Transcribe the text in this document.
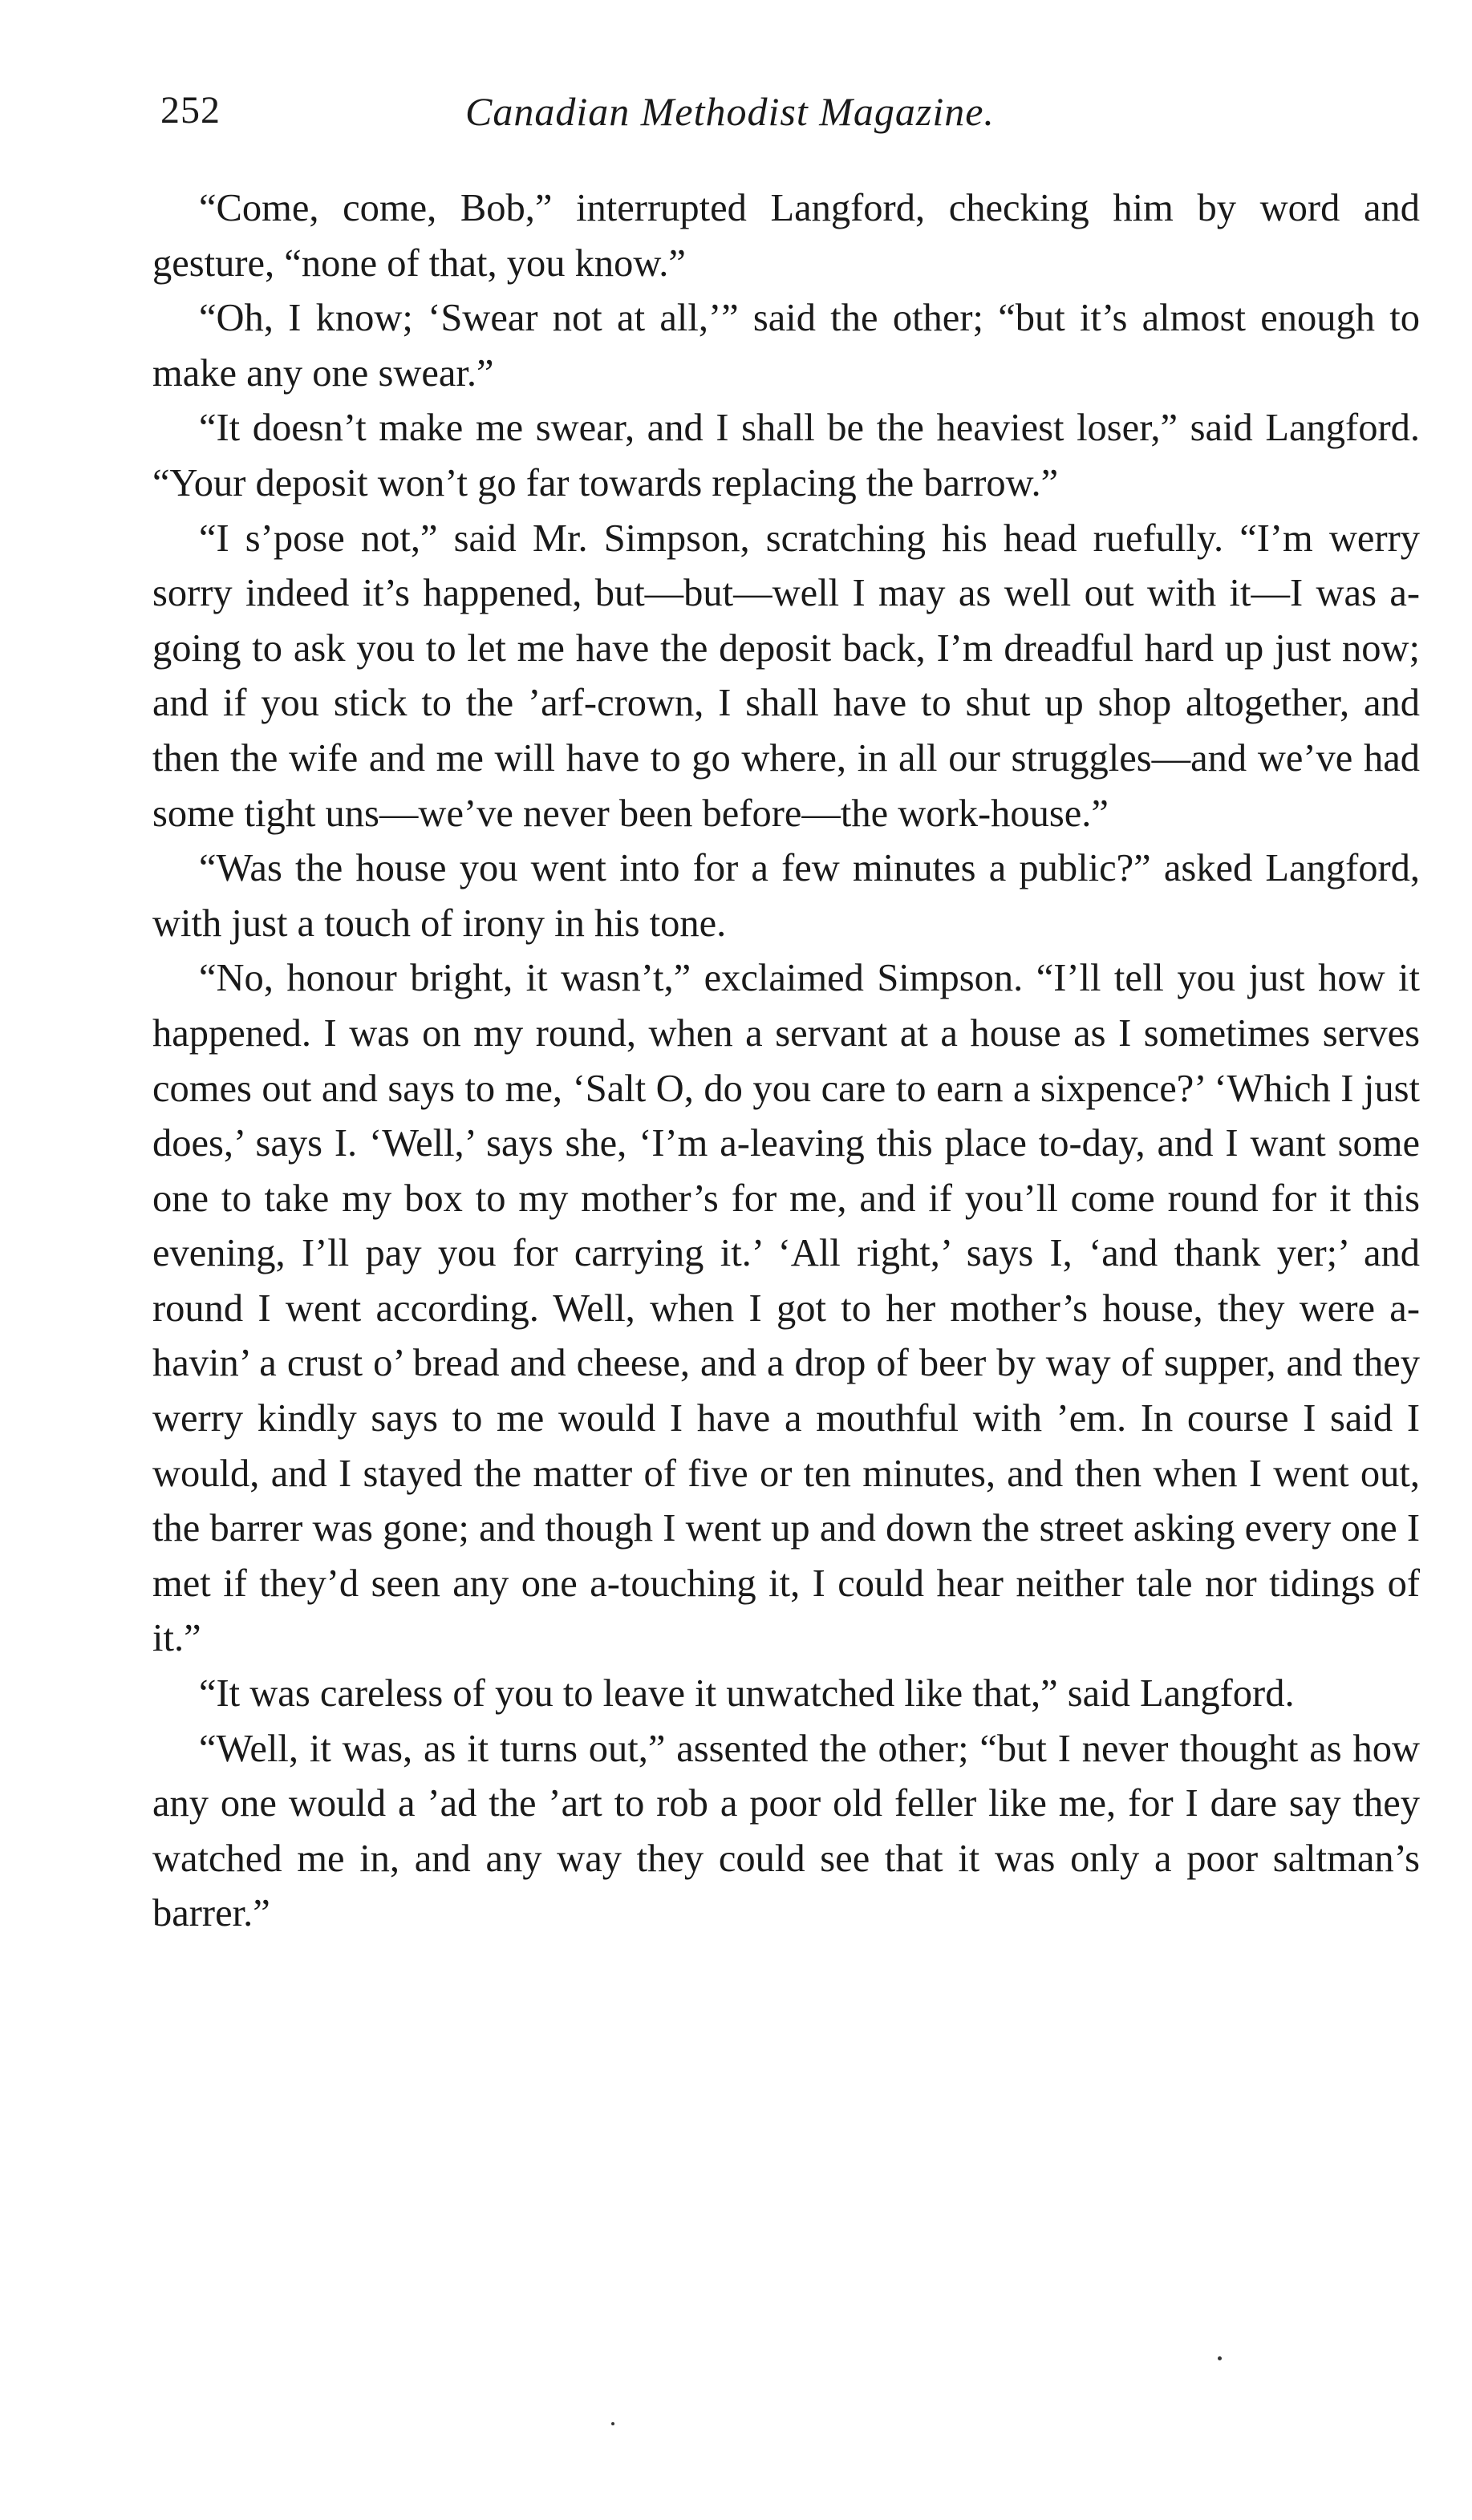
252	Canadian Methodist Magazine.

“Come, come, Bob,” interrupted Langford, checking him by word and gesture, “none of that, you know.”

“Oh, I know; ‘Swear not at all,’” said the other; “but it’s almost enough to make any one swear.”

“It doesn’t make me swear, and I shall be the heaviest loser,” said Langford. “Your deposit won’t go far towards replacing the barrow.”

“I s’pose not,” said Mr. Simpson, scratching his head ruefully. “I’m werry sorry indeed it’s happened, but—but—well I may as well out with it—I was a-going to ask you to let me have the deposit back, I’m dreadful hard up just now; and if you stick to the ’arf-crown, I shall have to shut up shop altogether, and then the wife and me will have to go where, in all our struggles—and we’ve had some tight uns—we’ve never been before—the work-house.”

“Was the house you went into for a few minutes a public?” asked Langford, with just a touch of irony in his tone.

“No, honour bright, it wasn’t,” exclaimed Simpson. “I’ll tell you just how it happened. I was on my round, when a servant at a house as I sometimes serves comes out and says to me, ‘Salt O, do you care to earn a sixpence?’ ‘Which I just does,’ says I. ‘Well,’ says she, ‘I’m a-leaving this place to-day, and I want some one to take my box to my mother’s for me, and if you’ll come round for it this evening, I’ll pay you for carrying it.’ ‘All right,’ says I, ‘and thank yer;’ and round I went according. Well, when I got to her mother’s house, they were a-havin’ a crust o’ bread and cheese, and a drop of beer by way of supper, and they werry kindly says to me would I have a mouthful with ’em. In course I said I would, and I stayed the matter of five or ten minutes, and then when I went out, the barrer was gone; and though I went up and down the street asking every one I met if they’d seen any one a-touching it, I could hear neither tale nor tidings of it.”

“It was careless of you to leave it unwatched like that,” said Langford.

“Well, it was, as it turns out,” assented the other; “but I never thought as how any one would a ’ad the ’art to rob a poor old feller like me, for I dare say they watched me in, and any way they could see that it was only a poor saltman’s barrer.”
